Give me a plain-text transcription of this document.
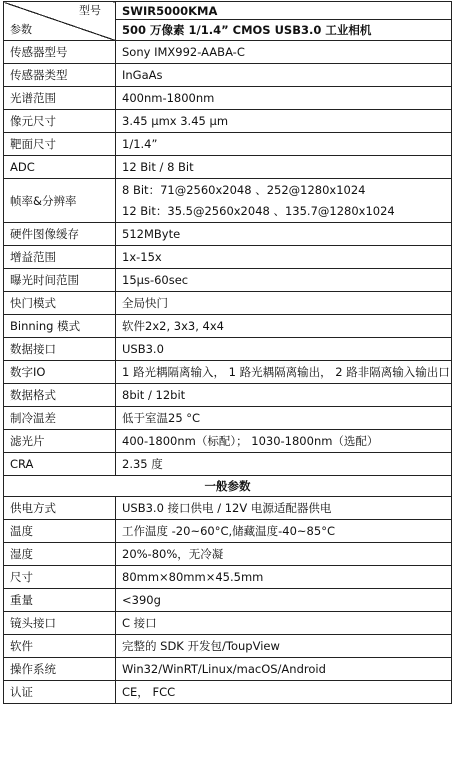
型号
参数	SWIR5000KMA
	500 万像素 1/1.4” CMOS USB3.0 工业相机
传感器型号	Sony IMX992-AABA-C
传感器类型	InGaAs
光谱范围	400nm-1800nm
像元尺寸	3.45 μmx 3.45 μm
靶面尺寸	1/1.4”
ADC	12 Bit / 8 Bit
帧率&分辨率	8 Bit：71@2560x2048 、252@1280x1024
12 Bit：35.5@2560x2048 、135.7@1280x1024

硬件图像缓存	512MByte
增益范围	1x-15x
曝光时间范围	15μs-60sec
快门模式	全局快门
Binning 模式	软件2x2, 3x3, 4x4
数据接口	USB3.0
数字IO	1 路光耦隔离输入， 1 路光耦隔离输出， 2 路非隔离输入输出口
数据格式	8bit / 12bit
制冷温差	低于室温25 °C
滤光片	400-1800nm（标配）； 1030-1800nm（选配）
CRA	2.35 度
一般参数	
供电方式	USB3.0 接口供电 / 12V 电源适配器供电
温度	工作温度 -20~60°C,储藏温度-40~85°C
湿度	20%-80%，无冷凝
尺寸	80mm×80mm×45.5mm
重量	<390g
镜头接口	C 接口
软件	完整的 SDK 开发包/ToupView
操作系统	Win32/WinRT/Linux/macOS/Android
认证	CE， FCC
